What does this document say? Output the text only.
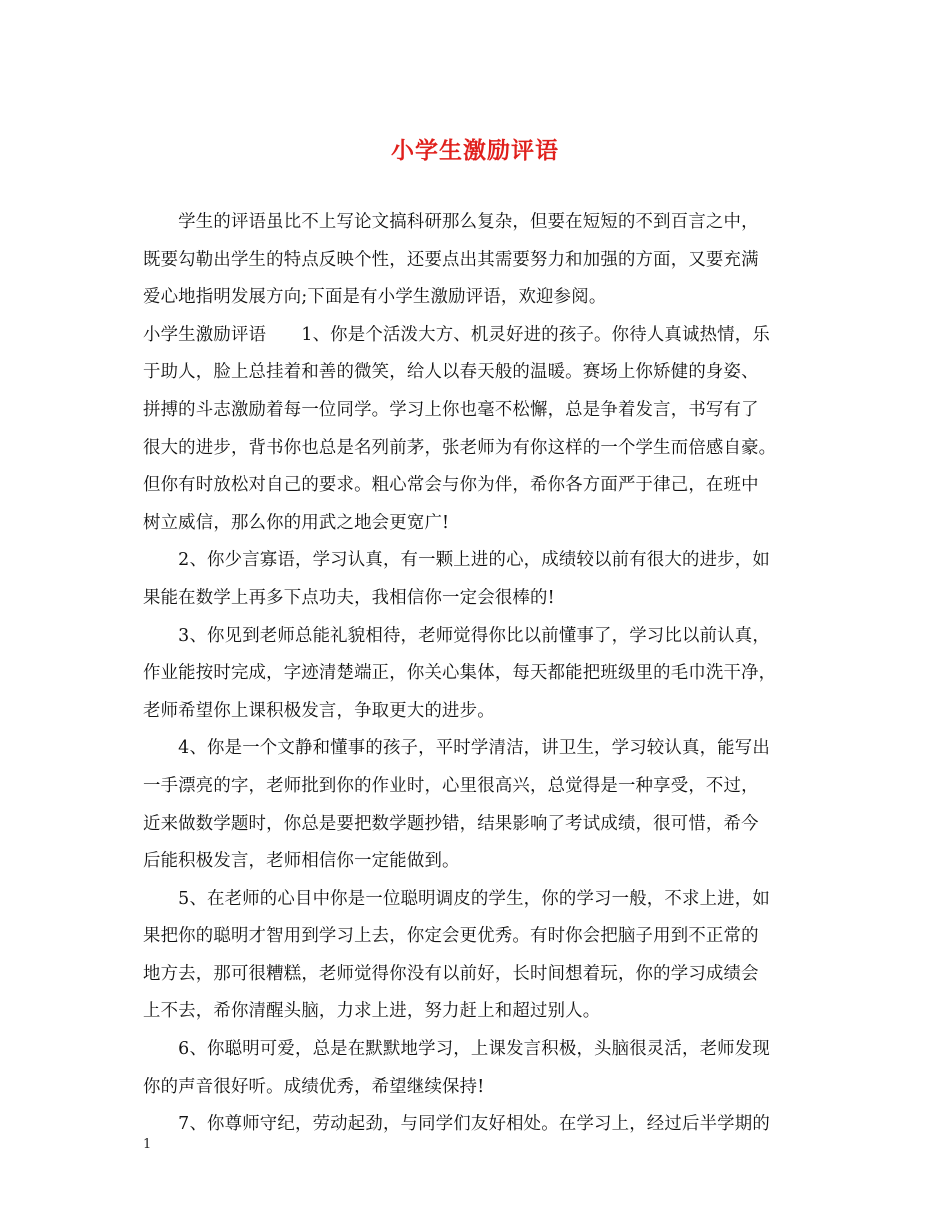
小学生激励评语
　　学生的评语虽比不上写论文搞科研那么复杂，但要在短短的不到百言之中，
既要勾勒出学生的特点反映个性，还要点出其需要努力和加强的方面，又要充满
爱心地指明发展方向;下面是有小学生激励评语，欢迎参阅。
小学生激励评语　　1、你是个活泼大方、机灵好进的孩子。你待人真诚热情，乐
于助人，脸上总挂着和善的微笑，给人以春天般的温暖。赛场上你矫健的身姿、
拼搏的斗志激励着每一位同学。学习上你也毫不松懈，总是争着发言，书写有了
很大的进步，背书你也总是名列前茅，张老师为有你这样的一个学生而倍感自豪。
但你有时放松对自己的要求。粗心常会与你为伴，希你各方面严于律己，在班中
树立威信，那么你的用武之地会更宽广!
　　2、你少言寡语，学习认真，有一颗上进的心，成绩较以前有很大的进步，如
果能在数学上再多下点功夫，我相信你一定会很棒的!
　　3、你见到老师总能礼貌相待，老师觉得你比以前懂事了，学习比以前认真，
作业能按时完成，字迹清楚端正，你关心集体，每天都能把班级里的毛巾洗干净，
老师希望你上课积极发言，争取更大的进步。
　　4、你是一个文静和懂事的孩子，平时学清洁，讲卫生，学习较认真，能写出
一手漂亮的字，老师批到你的作业时，心里很高兴，总觉得是一种享受，不过，
近来做数学题时，你总是要把数学题抄错，结果影响了考试成绩，很可惜，希今
后能积极发言，老师相信你一定能做到。
　　5、在老师的心目中你是一位聪明调皮的学生，你的学习一般，不求上进，如
果把你的聪明才智用到学习上去，你定会更优秀。有时你会把脑子用到不正常的
地方去，那可很糟糕，老师觉得你没有以前好，长时间想着玩，你的学习成绩会
上不去，希你清醒头脑，力求上进，努力赶上和超过别人。
　　6、你聪明可爱，总是在默默地学习，上课发言积极，头脑很灵活，老师发现
你的声音很好听。成绩优秀，希望继续保持!
　　7、你尊师守纪，劳动起劲，与同学们友好相处。在学习上，经过后半学期的
1
